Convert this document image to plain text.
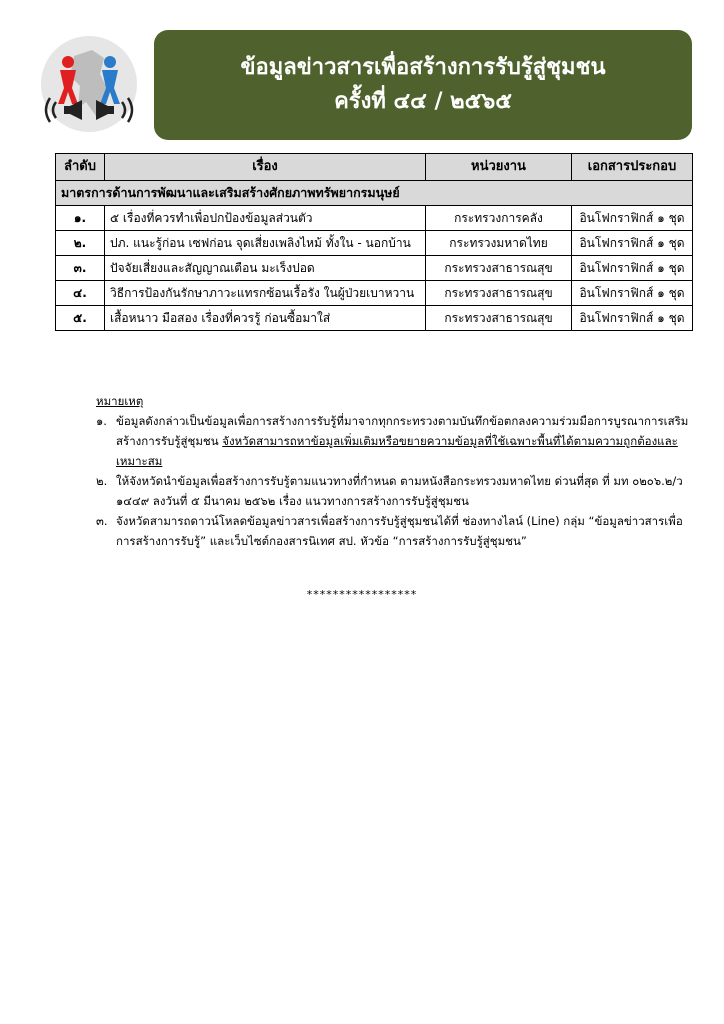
ข้อมูลข่าวสารเพื่อสร้างการรับรู้สู่ชุมชน
ครั้งที่ ๔๔ / ๒๕๖๕
ลำดับ	เรื่อง	หน่วยงาน	เอกสารประกอบ
มาตรการด้านการพัฒนาและเสริมสร้างศักยภาพทรัพยากรมนุษย์			
๑.	๕ เรื่องที่ควรทำเพื่อปกป้องข้อมูลส่วนตัว	กระทรวงการคลัง	อินโฟกราฟิกส์ ๑ ชุด
๒.	ปภ. แนะรู้ก่อน เซฟก่อน จุดเสี่ยงเพลิงไหม้ ทั้งใน - นอกบ้าน	กระทรวงมหาดไทย	อินโฟกราฟิกส์ ๑ ชุด
๓.	ปัจจัยเสี่ยงและสัญญาณเตือน มะเร็งปอด	กระทรวงสาธารณสุข	อินโฟกราฟิกส์ ๑ ชุด
๔.	วิธีการป้องกันรักษาภาวะแทรกซ้อนเรื้อรัง ในผู้ป่วยเบาหวาน	กระทรวงสาธารณสุข	อินโฟกราฟิกส์ ๑ ชุด
๕.	เสื้อหนาว มือสอง เรื่องที่ควรรู้ ก่อนซื้อมาใส่	กระทรวงสาธารณสุข	อินโฟกราฟิกส์ ๑ ชุด
หมายเหตุ
๑. ข้อมูลดังกล่าวเป็นข้อมูลเพื่อการสร้างการรับรู้ที่มาจากทุกกระทรวงตามบันทึกข้อตกลงความร่วมมือการบูรณาการเสริมสร้างการรับรู้สู่ชุมชน จังหวัดสามารถหาข้อมูลเพิ่มเติมหรือขยายความข้อมูลที่ใช้เฉพาะพื้นที่ได้ตามความถูกต้องและเหมาะสม
๒. ให้จังหวัดนำข้อมูลเพื่อสร้างการรับรู้ตามแนวทางที่กำหนด ตามหนังสือกระทรวงมหาดไทย ด่วนที่สุด ที่ มท ๐๒๐๖.๒/ว ๑๔๔๙ ลงวันที่ ๕ มีนาคม ๒๕๖๒ เรื่อง แนวทางการสร้างการรับรู้สู่ชุมชน
๓. จังหวัดสามารถดาวน์โหลดข้อมูลข่าวสารเพื่อสร้างการรับรู้สู่ชุมชนได้ที่ ช่องทางไลน์ (Line) กลุ่ม “ข้อมูลข่าวสารเพื่อการสร้างการรับรู้” และเว็บไซต์กองสารนิเทศ สป. หัวข้อ “การสร้างการรับรู้สู่ชุมชน”
*****************
